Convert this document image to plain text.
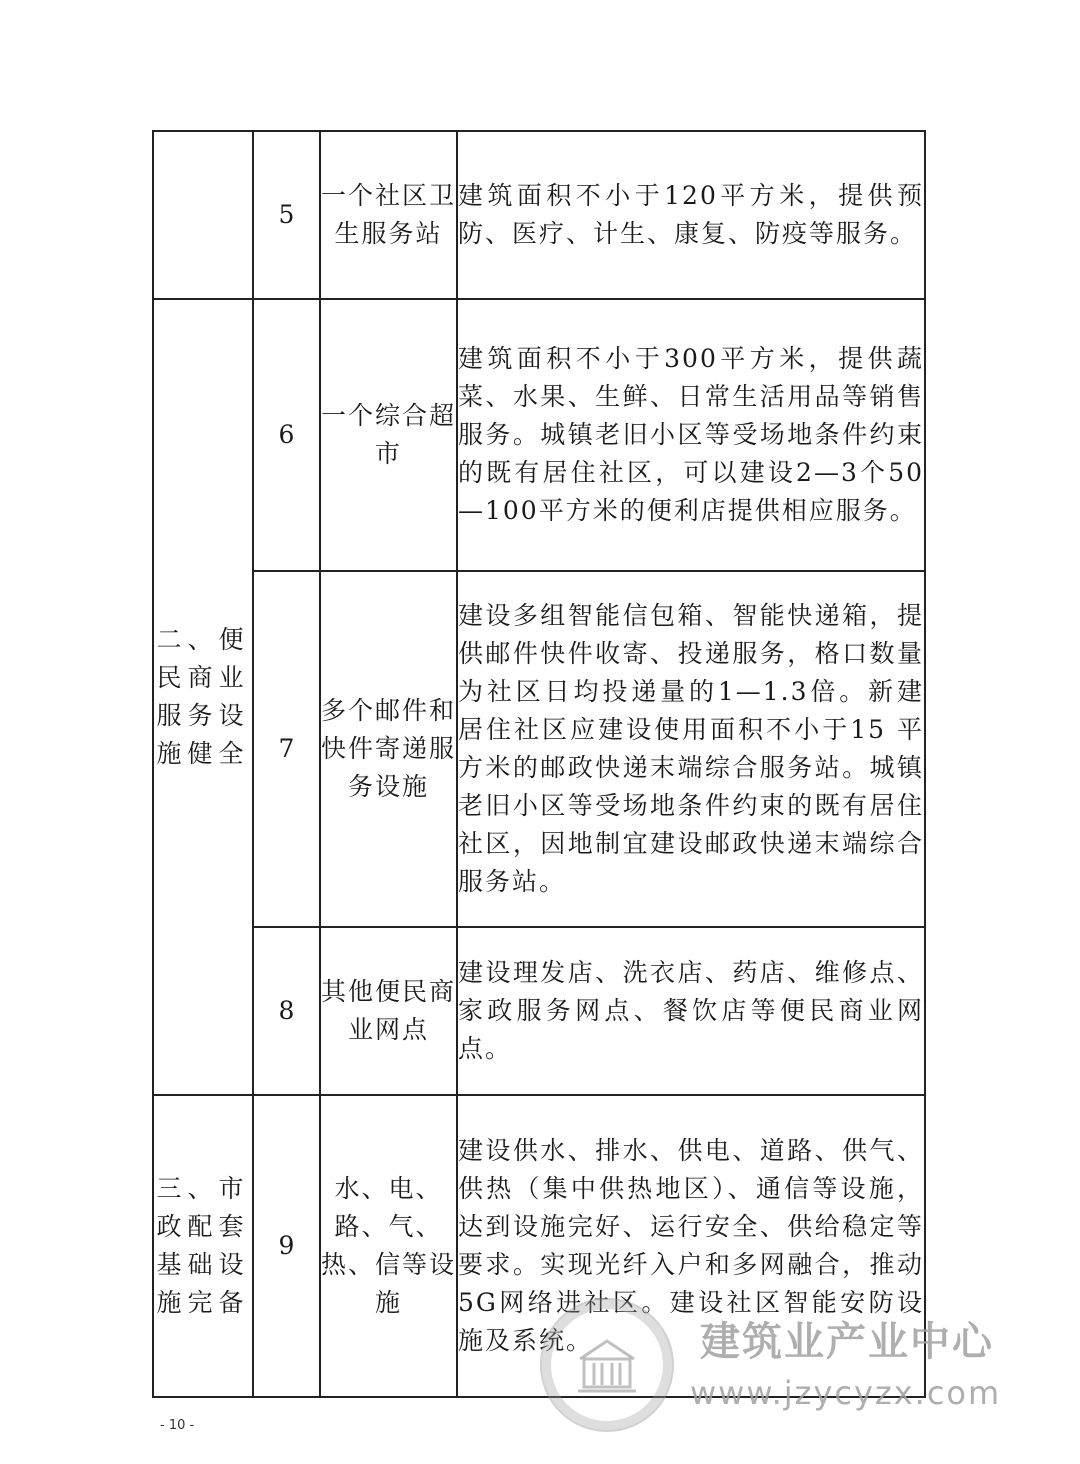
	5	一个社区卫生服务站	建筑面积不小于120平方米，提供预防、医疗、计生、康复、防疫等服务。

二、便民商业服务设施健全	6	一个综合超市	建筑面积不小于300平方米，提供蔬菜、水果、生鲜、日常生活用品等销售服务。城镇老旧小区等受场地条件约束的既有居住社区，可以建设2—3个50—100平方米的便利店提供相应服务。
	7	多个邮件和快件寄递服务设施	建设多组智能信包箱、智能快递箱，提供邮件快件收寄、投递服务，格口数量为社区日均投递量的1—1.3倍。新建居住社区应建设使用面积不小于15 平方米的邮政快递末端综合服务站。城镇老旧小区等受场地条件约束的既有居住社区，因地制宜建设邮政快递末端综合服务站。
	8	其他便民商业网点	建设理发店、洗衣店、药店、维修点、家政服务网点、餐饮店等便民商业网点。

三、市政配套基础设施完备	9	水、电、路、气、热、信等设施	建设供水、排水、供电、道路、供气、供热（集中供热地区）、通信等设施，达到设施完好、运行安全、供给稳定等要求。实现光纤入户和多网融合，推动5G网络进社区。建设社区智能安防设施及系统。
- 10 -
建筑业产业中心
www.jzycyzx.com
